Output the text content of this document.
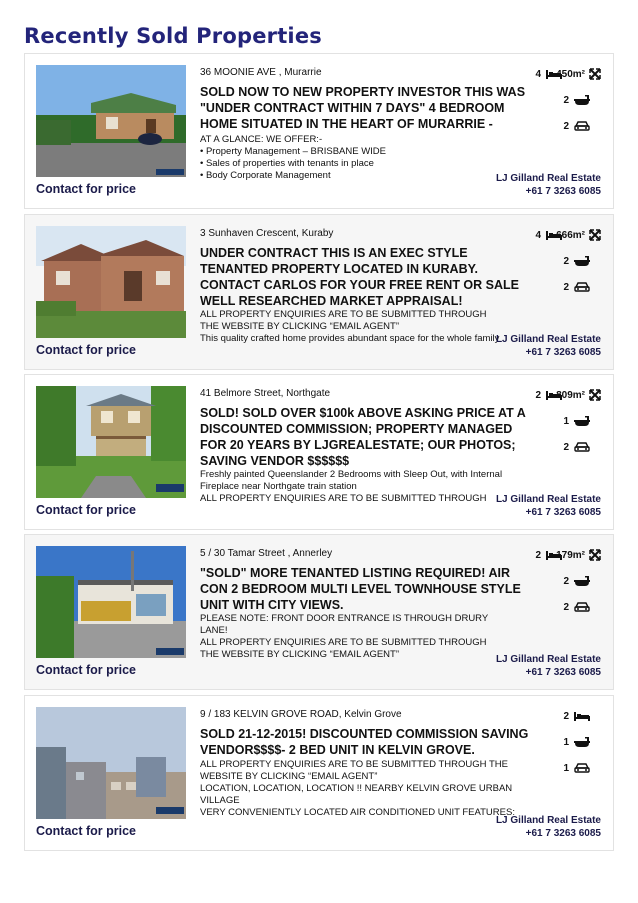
Recently Sold Properties
36 MOONIE AVE , Murarrie
SOLD NOW TO NEW PROPERTY INVESTOR THIS WAS "UNDER CONTRACT WITHIN 7 DAYS" 4 BEDROOM HOME SITUATED IN THE HEART OF MURARRIE -
AT A GLANCE: WE OFFER:-
• Property Management – BRISBANE WIDE
• Sales of properties with tenants in place
• Body Corporate Management
4 450m²
2
2
LJ Gilland Real Estate
+61 7 3263 6085
Contact for price
3 Sunhaven Crescent, Kuraby
UNDER CONTRACT THIS IS AN EXEC STYLE TENANTED PROPERTY LOCATED IN KURABY. CONTACT CARLOS FOR YOUR FREE RENT OR SALE WELL RESEARCHED MARKET APPRAISAL!
ALL PROPERTY ENQUIRIES ARE TO BE SUBMITTED THROUGH
THE WEBSITE BY CLICKING “EMAIL AGENT”
This quality crafted home provides abundant space for the whole family
4 666m²
2
2
LJ Gilland Real Estate
+61 7 3263 6085
Contact for price
41 Belmore Street, Northgate
SOLD! SOLD OVER $100k ABOVE ASKING PRICE AT A DISCOUNTED COMMISSION; PROPERTY MANAGED FOR 20 YEARS BY LJGREALESTATE; OUR PHOTOS; SAVING VENDOR $$$$$$
Freshly painted Queenslander 2 Bedrooms with Sleep Out, with Internal
Fireplace near Northgate train station
ALL PROPERTY ENQUIRIES ARE TO BE SUBMITTED THROUGH
2 809m²
1
2
LJ Gilland Real Estate
+61 7 3263 6085
Contact for price
5 / 30 Tamar Street , Annerley
"SOLD" MORE TENANTED LISTING REQUIRED! AIR CON 2 BEDROOM MULTI LEVEL TOWNHOUSE STYLE UNIT WITH CITY VIEWS.
PLEASE NOTE: FRONT DOOR ENTRANCE IS THROUGH DRURY
LANE!
ALL PROPERTY ENQUIRIES ARE TO BE SUBMITTED THROUGH
THE WEBSITE BY CLICKING “EMAIL AGENT”
2 179m²
2
2
LJ Gilland Real Estate
+61 7 3263 6085
Contact for price
9 / 183 KELVIN GROVE ROAD, Kelvin Grove
SOLD 21-12-2015! DISCOUNTED COMMISSION SAVING VENDOR$$$$- 2 BED UNIT IN KELVIN GROVE.
ALL PROPERTY ENQUIRIES ARE TO BE SUBMITTED THROUGH THE
WEBSITE BY CLICKING “EMAIL AGENT”
LOCATION, LOCATION, LOCATION !! NEARBY KELVIN GROVE URBAN
VILLAGE
VERY CONVENIENTLY LOCATED AIR CONDITIONED UNIT FEATURES:
2
1
1
LJ Gilland Real Estate
+61 7 3263 6085
Contact for price
